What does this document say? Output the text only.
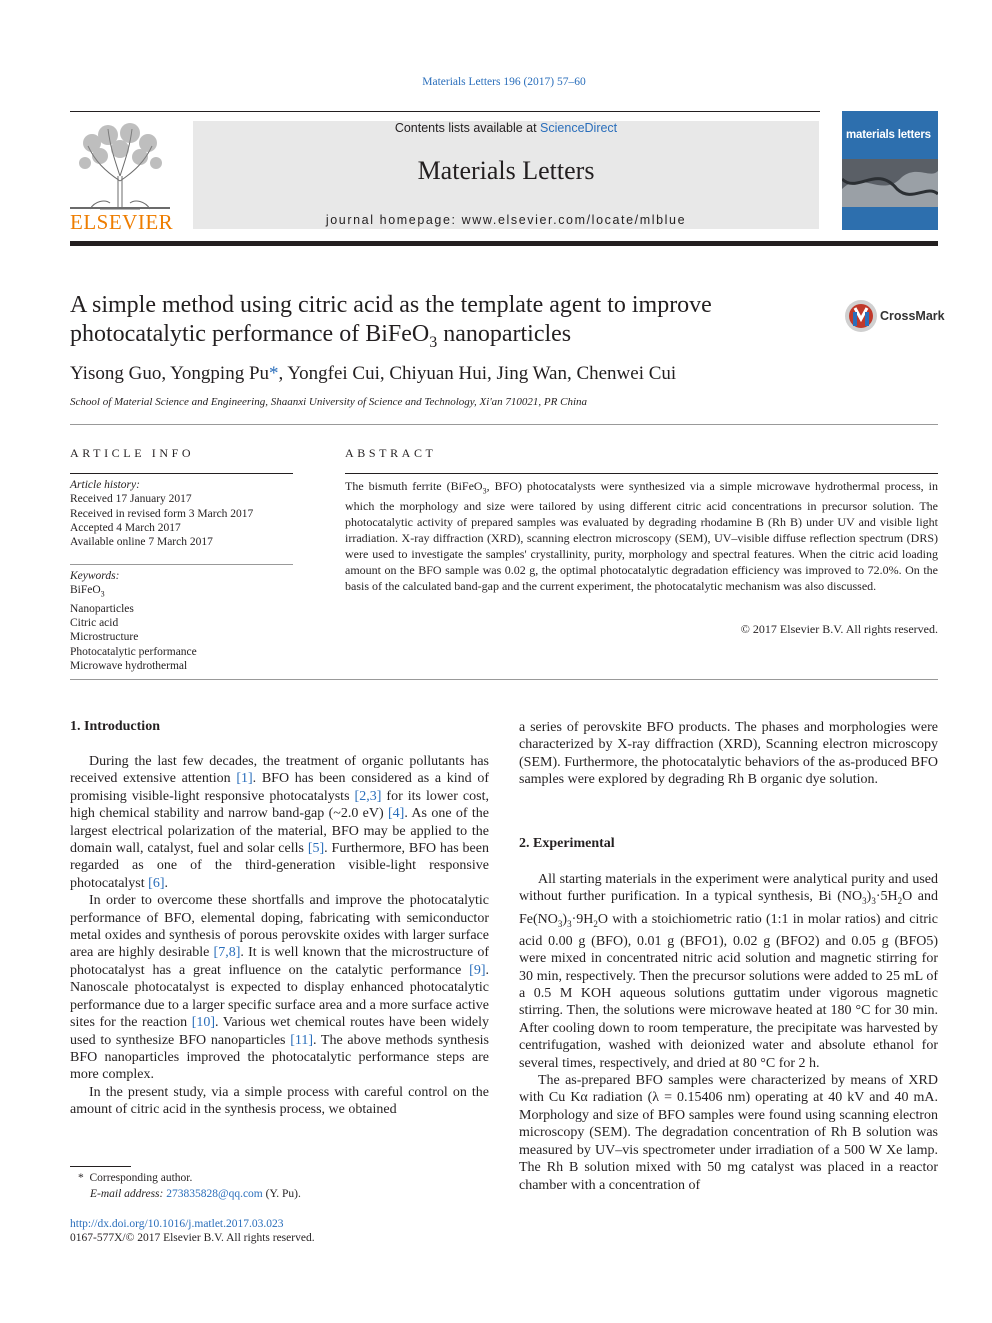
Materials Letters 196 (2017) 57–60
ELSEVIER
Contents lists available at ScienceDirect
Materials Letters
journal homepage: www.elsevier.com/locate/mlblue
materials letters
A simple method using citric acid as the template agent to improve
photocatalytic performance of BiFeO$_3$ nanoparticles
CrossMark
Yisong Guo, Yongping Pu*, Yongfei Cui, Chiyuan Hui, Jing Wan, Chenwei Cui
School of Material Science and Engineering, Shaanxi University of Science and Technology, Xi'an 710021, PR China
ARTICLE INFO
Article history:
Received 17 January 2017
Received in revised form 3 March 2017
Accepted 4 March 2017
Available online 7 March 2017
Keywords:
BiFeO$_3$
Nanoparticles
Citric acid
Microstructure
Photocatalytic performance
Microwave hydrothermal
ABSTRACT
The bismuth ferrite (BiFeO$_3$, BFO) photocatalysts were synthesized via a simple microwave hydrothermal process, in which the morphology and size were tailored by using different citric acid concentrations in precursor solution. The photocatalytic activity of prepared samples was evaluated by degrading rhodamine B (Rh B) under UV and visible light irradiation. X-ray diffraction (XRD), scanning electron microscopy (SEM), UV–visible diffuse reflection spectrum (DRS) were used to investigate the samples' crystallinity, purity, morphology and spectral features. When the citric acid loading amount on the BFO sample was 0.02 g, the optimal photocatalytic degradation efficiency was improved to 72.0%. On the basis of the calculated band-gap and the current experiment, the photocatalytic mechanism was also discussed.
© 2017 Elsevier B.V. All rights reserved.
1. Introduction

During the last few decades, the treatment of organic pollutants has received extensive attention [1]. BFO has been considered as a kind of promising visible-light responsive photocatalysts [2,3] for its lower cost, high chemical stability and narrow band-gap (~2.0 eV) [4]. As one of the largest electrical polarization of the material, BFO may be applied to the domain wall, catalyst, fuel and solar cells [5]. Furthermore, BFO has been regarded as one of the third-generation visible-light responsive photocatalyst [6].

In order to overcome these shortfalls and improve the photocatalytic performance of BFO, elemental doping, fabricating with semiconductor metal oxides and synthesis of porous perovskite oxides with larger surface area are highly desirable [7,8]. It is well known that the microstructure of photocatalyst has a great influence on the catalytic performance [9]. Nanoscale photocatalyst is expected to display enhanced photocatalytic performance due to a larger specific surface area and a more surface active sites for the reaction [10]. Various wet chemical routes have been widely used to synthesize BFO nanoparticles [11]. The above methods synthesis BFO nanoparticles improved the photocatalytic performance steps are more complex.

In the present study, via a simple process with careful control on the amount of citric acid in the synthesis process, we obtained

* Corresponding author.
E-mail address: 273835828@qq.com (Y. Pu).
http://dx.doi.org/10.1016/j.matlet.2017.03.023
0167-577X/© 2017 Elsevier B.V. All rights reserved.

a series of perovskite BFO products. The phases and morphologies were characterized by X-ray diffraction (XRD), Scanning electron microscopy (SEM). Furthermore, the photocatalytic behaviors of the as-produced BFO samples were explored by degrading Rh B organic dye solution.

2. Experimental

All starting materials in the experiment were analytical purity and used without further purification. In a typical synthesis, Bi $(NO_3)_3\cdot 5H_2O$ and $Fe(NO_3)_3\cdot 9H_2O$ with a stoichiometric ratio (1:1 in molar ratios) and citric acid 0.00 g (BFO), 0.01 g (BFO1), 0.02 g (BFO2) and 0.05 g (BFO5) were mixed in concentrated nitric acid solution and magnetic stirring for 30 min, respectively. Then the precursor solutions were added to 25 mL of a 0.5 M KOH aqueous solutions guttatim under vigorous magnetic stirring. Then, the solutions were microwave heated at 180 °C for 30 min. After cooling down to room temperature, the precipitate was harvested by centrifugation, washed with deionized water and absolute ethanol for several times, respectively, and dried at 80 °C for 2 h.

The as-prepared BFO samples were characterized by means of XRD with Cu Kα radiation (λ = 0.15406 nm) operating at 40 kV and 40 mA. Morphology and size of BFO samples were found using scanning electron microscopy (SEM). The degradation concentration of Rh B solution was measured by UV–vis spectrometer under irradiation of a 500 W Xe lamp. The Rh B solution mixed with 50 mg catalyst was placed in a reactor chamber with a concentration of
